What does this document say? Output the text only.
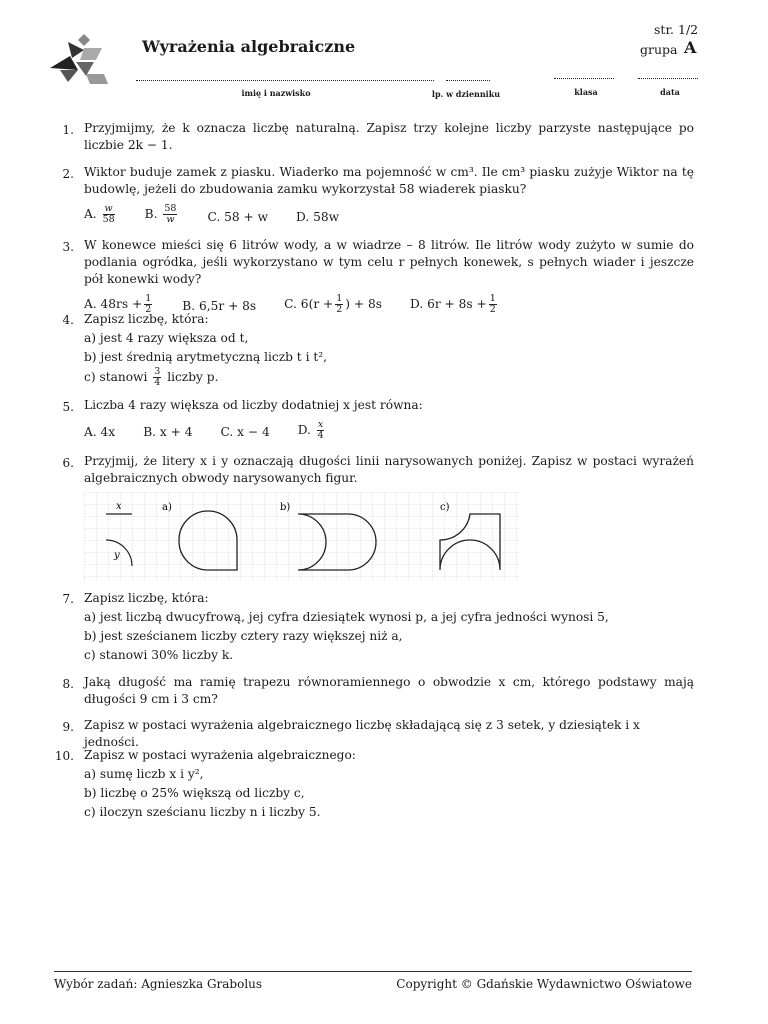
Wyrażenia algebraiczne
str. 1/2
grupa A
imię i nazwisko	lp. w dzienniku	klasa	data
1. Przyjmijmy, że k oznacza liczbę naturalną. Zapisz trzy kolejne liczby parzyste następujące po liczbie 2k − 1.
2. Wiktor buduje zamek z piasku. Wiaderko ma pojemność w cm³. Ile cm³ piasku zużyje Wiktor na tę budowlę, jeżeli do zbudowania zamku wykorzystał 58 wiaderek piasku?
A. $\frac{w}{58} B$. $\frac{58}{w} C$. 58 + w D. 58w
3. W konewce mieści się 6 litrów wody, a w wiadrze – 8 litrów. Ile litrów wody zużyto w sumie do podlania ogródka, jeśli wykorzystano w tym celu r pełnych konewek, s pełnych wiader i jeszcze pół konewki wody?
A. $48rs + \frac{1}{2} B$. 6,5r + 8s C. $6(r + \frac{1}{2}$ ) + 8s D. $6r + 8s + \frac{1}{2}$
4. Zapisz liczbę, która:
a) jest 4 razy większa od t,
b) jest średnią arytmetyczną liczb t i t²,
c) stanowi $\frac{3}{4}$ liczby p.
5. Liczba 4 razy większa od liczby dodatniej x jest równa:
A. 4x B. x + 4 C. x − 4 D. $\frac{x}{4}$
6. Przyjmij, że litery x i y oznaczają długości linii narysowanych poniżej. Zapisz w postaci wyrażeń algebraicznych obwody narysowanych figur.
x
y
a)	b)	c)
7. Zapisz liczbę, która:
a) jest liczbą dwucyfrową, jej cyfra dziesiątek wynosi p, a jej cyfra jedności wynosi 5,
b) jest sześcianem liczby cztery razy większej niż a,
c) stanowi 30% liczby k.
8. Jaką długość ma ramię trapezu równoramiennego o obwodzie x cm, którego podstawy mają długości 9 cm i 3 cm?
9. Zapisz w postaci wyrażenia algebraicznego liczbę składającą się z 3 setek, y dziesiątek i x jedności.
10. Zapisz w postaci wyrażenia algebraicznego:
a) sumę liczb x i y²,
b) liczbę o 25% większą od liczby c,
c) iloczyn sześcianu liczby n i liczby 5.
Wybór zadań: Agnieszka Grabolus	Copyright © Gdańskie Wydawnictwo Oświatowe
